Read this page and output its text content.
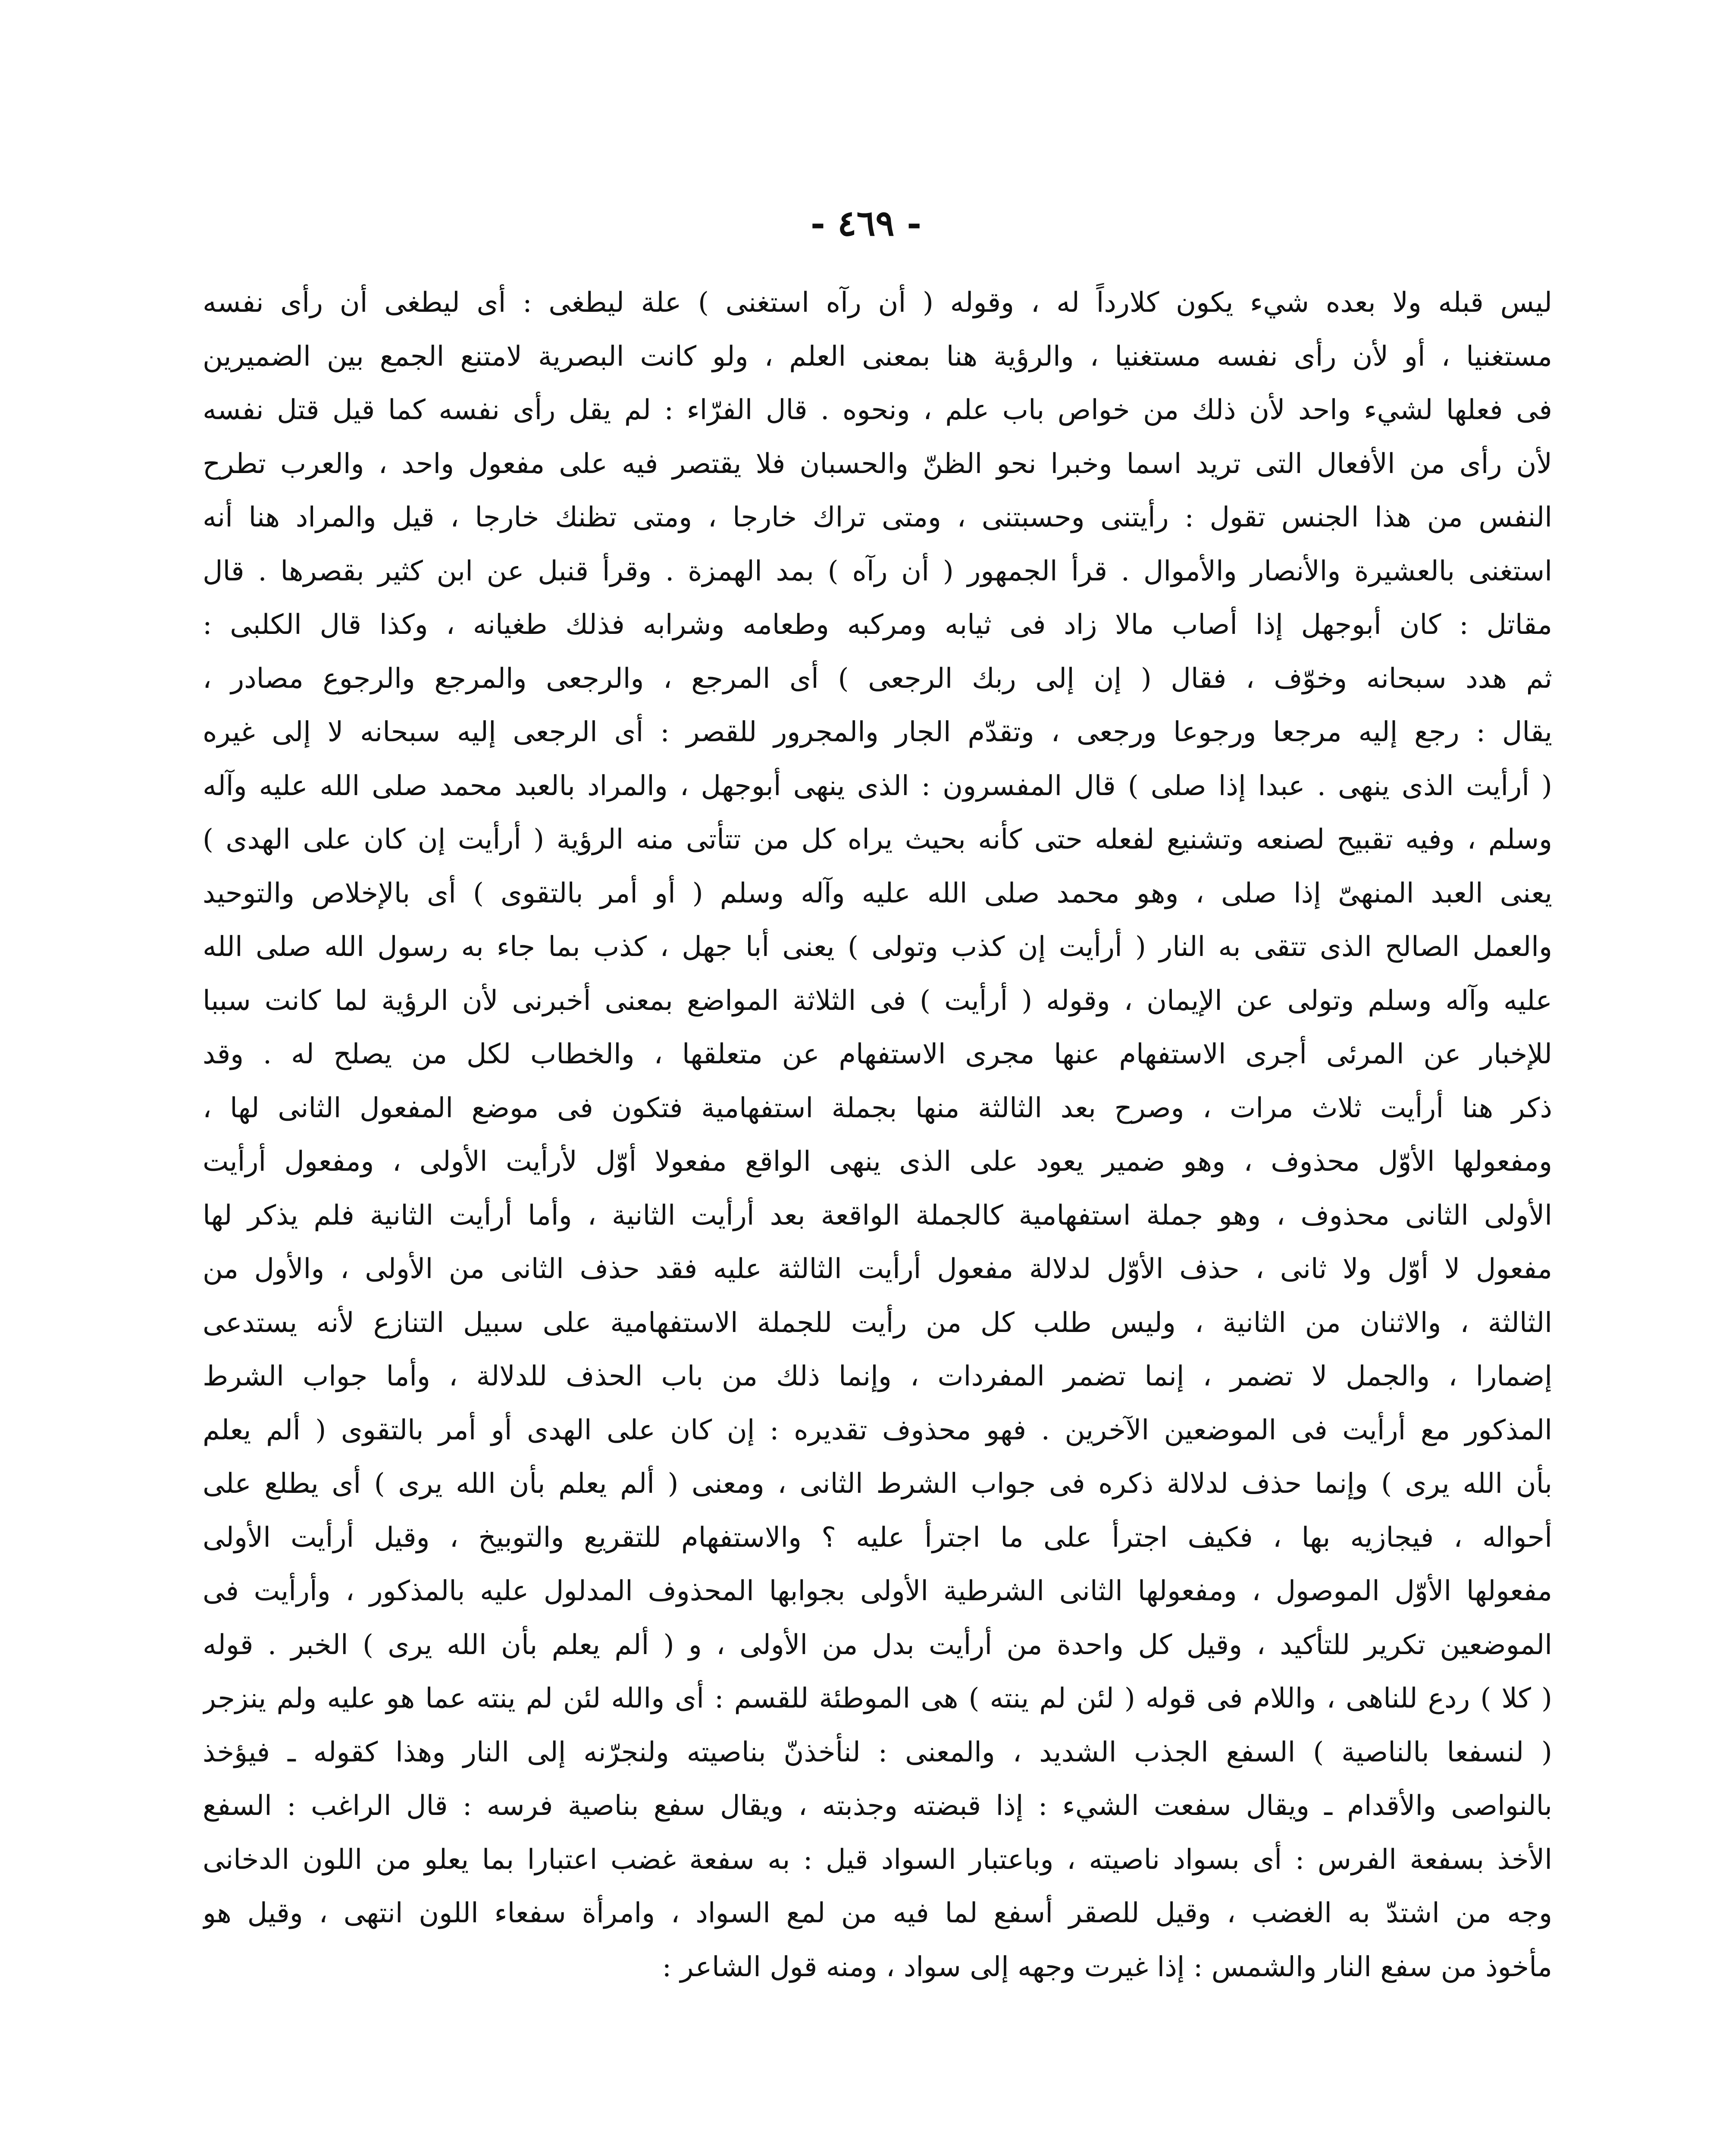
- ٤٦٩ -
ليس قبله ولا بعده شيء يكون كلارداً له ، وقوله ( أن رآه استغنى ) علة ليطغى : أى ليطغى أن رأى نفسه
مستغنيا ، أو لأن رأى نفسه مستغنيا ، والرؤية هنا بمعنى العلم ، ولو كانت البصرية لامتنع الجمع بين الضميرين
فى فعلها لشيء واحد لأن ذلك من خواص باب علم ، ونحوه . قال الفرّاء : لم يقل رأى نفسه كما قيل قتل نفسه
لأن رأى من الأفعال التى تريد اسما وخبرا نحو الظنّ والحسبان فلا يقتصر فيه على مفعول واحد ، والعرب تطرح
النفس من هذا الجنس تقول : رأيتنى وحسبتنى ، ومتى تراك خارجا ، ومتى تظنك خارجا ، قيل والمراد هنا أنه
استغنى بالعشيرة والأنصار والأموال . قرأ الجمهور ( أن رآه ) بمد الهمزة . وقرأ قنبل عن ابن كثير بقصرها . قال
مقاتل : كان أبوجهل إذا أصاب مالا زاد فى ثيابه ومركبه وطعامه وشرابه فذلك طغيانه ، وكذا قال الكلبى :
ثم هدد سبحانه وخوّف ، فقال ( إن إلى ربك الرجعى ) أى المرجع ، والرجعى والمرجع والرجوع مصادر ،
يقال : رجع إليه مرجعا ورجوعا ورجعى ، وتقدّم الجار والمجرور للقصر : أى الرجعى إليه سبحانه لا إلى غيره
( أرأيت الذى ينهى . عبدا إذا صلى ) قال المفسرون : الذى ينهى أبوجهل ، والمراد بالعبد محمد صلى الله عليه وآله
وسلم ، وفيه تقبيح لصنعه وتشنيع لفعله حتى كأنه بحيث يراه كل من تتأتى منه الرؤية ( أرأيت إن كان على الهدى )
يعنى العبد المنهىّ إذا صلى ، وهو محمد صلى الله عليه وآله وسلم ( أو أمر بالتقوى ) أى بالإخلاص والتوحيد
والعمل الصالح الذى تتقى به النار ( أرأيت إن كذب وتولى ) يعنى أبا جهل ، كذب بما جاء به رسول الله صلى الله
عليه وآله وسلم وتولى عن الإيمان ، وقوله ( أرأيت ) فى الثلاثة المواضع بمعنى أخبرنى لأن الرؤية لما كانت سببا
للإخبار عن المرئى أجرى الاستفهام عنها مجرى الاستفهام عن متعلقها ، والخطاب لكل من يصلح له . وقد
ذكر هنا أرأيت ثلاث مرات ، وصرح بعد الثالثة منها بجملة استفهامية فتكون فى موضع المفعول الثانى لها ،
ومفعولها الأوّل محذوف ، وهو ضمير يعود على الذى ينهى الواقع مفعولا أوّل لأرأيت الأولى ، ومفعول أرأيت
الأولى الثانى محذوف ، وهو جملة استفهامية كالجملة الواقعة بعد أرأيت الثانية ، وأما أرأيت الثانية فلم يذكر لها
مفعول لا أوّل ولا ثانى ، حذف الأوّل لدلالة مفعول أرأيت الثالثة عليه فقد حذف الثانى من الأولى ، والأول من
الثالثة ، والاثنان من الثانية ، وليس طلب كل من رأيت للجملة الاستفهامية على سبيل التنازع لأنه يستدعى
إضمارا ، والجمل لا تضمر ، إنما تضمر المفردات ، وإنما ذلك من باب الحذف للدلالة ، وأما جواب الشرط
المذكور مع أرأيت فى الموضعين الآخرين . فهو محذوف تقديره : إن كان على الهدى أو أمر بالتقوى ( ألم يعلم
بأن الله يرى ) وإنما حذف لدلالة ذكره فى جواب الشرط الثانى ، ومعنى ( ألم يعلم بأن الله يرى ) أى يطلع على
أحواله ، فيجازيه بها ، فكيف اجترأ على ما اجترأ عليه ؟ والاستفهام للتقريع والتوبيخ ، وقيل أرأيت الأولى
مفعولها الأوّل الموصول ، ومفعولها الثانى الشرطية الأولى بجوابها المحذوف المدلول عليه بالمذكور ، وأرأيت فى
الموضعين تكرير للتأكيد ، وقيل كل واحدة من أرأيت بدل من الأولى ، و ( ألم يعلم بأن الله يرى ) الخبر . قوله
( كلا ) ردع للناهى ، واللام فى قوله ( لئن لم ينته ) هى الموطئة للقسم : أى والله لئن لم ينته عما هو عليه ولم ينزجر
( لنسفعا بالناصية ) السفع الجذب الشديد ، والمعنى : لنأخذنّ بناصيته ولنجرّنه إلى النار وهذا كقوله ـ فيؤخذ
بالنواصى والأقدام ـ ويقال سفعت الشيء : إذا قبضته وجذبته ، ويقال سفع بناصية فرسه : قال الراغب : السفع
الأخذ بسفعة الفرس : أى بسواد ناصيته ، وباعتبار السواد قيل : به سفعة غضب اعتبارا بما يعلو من اللون الدخانى
وجه من اشتدّ به الغضب ، وقيل للصقر أسفع لما فيه من لمع السواد ، وامرأة سفعاء اللون انتهى ، وقيل هو
مأخوذ من سفع النار والشمس : إذا غيرت وجهه إلى سواد ، ومنه قول الشاعر :
